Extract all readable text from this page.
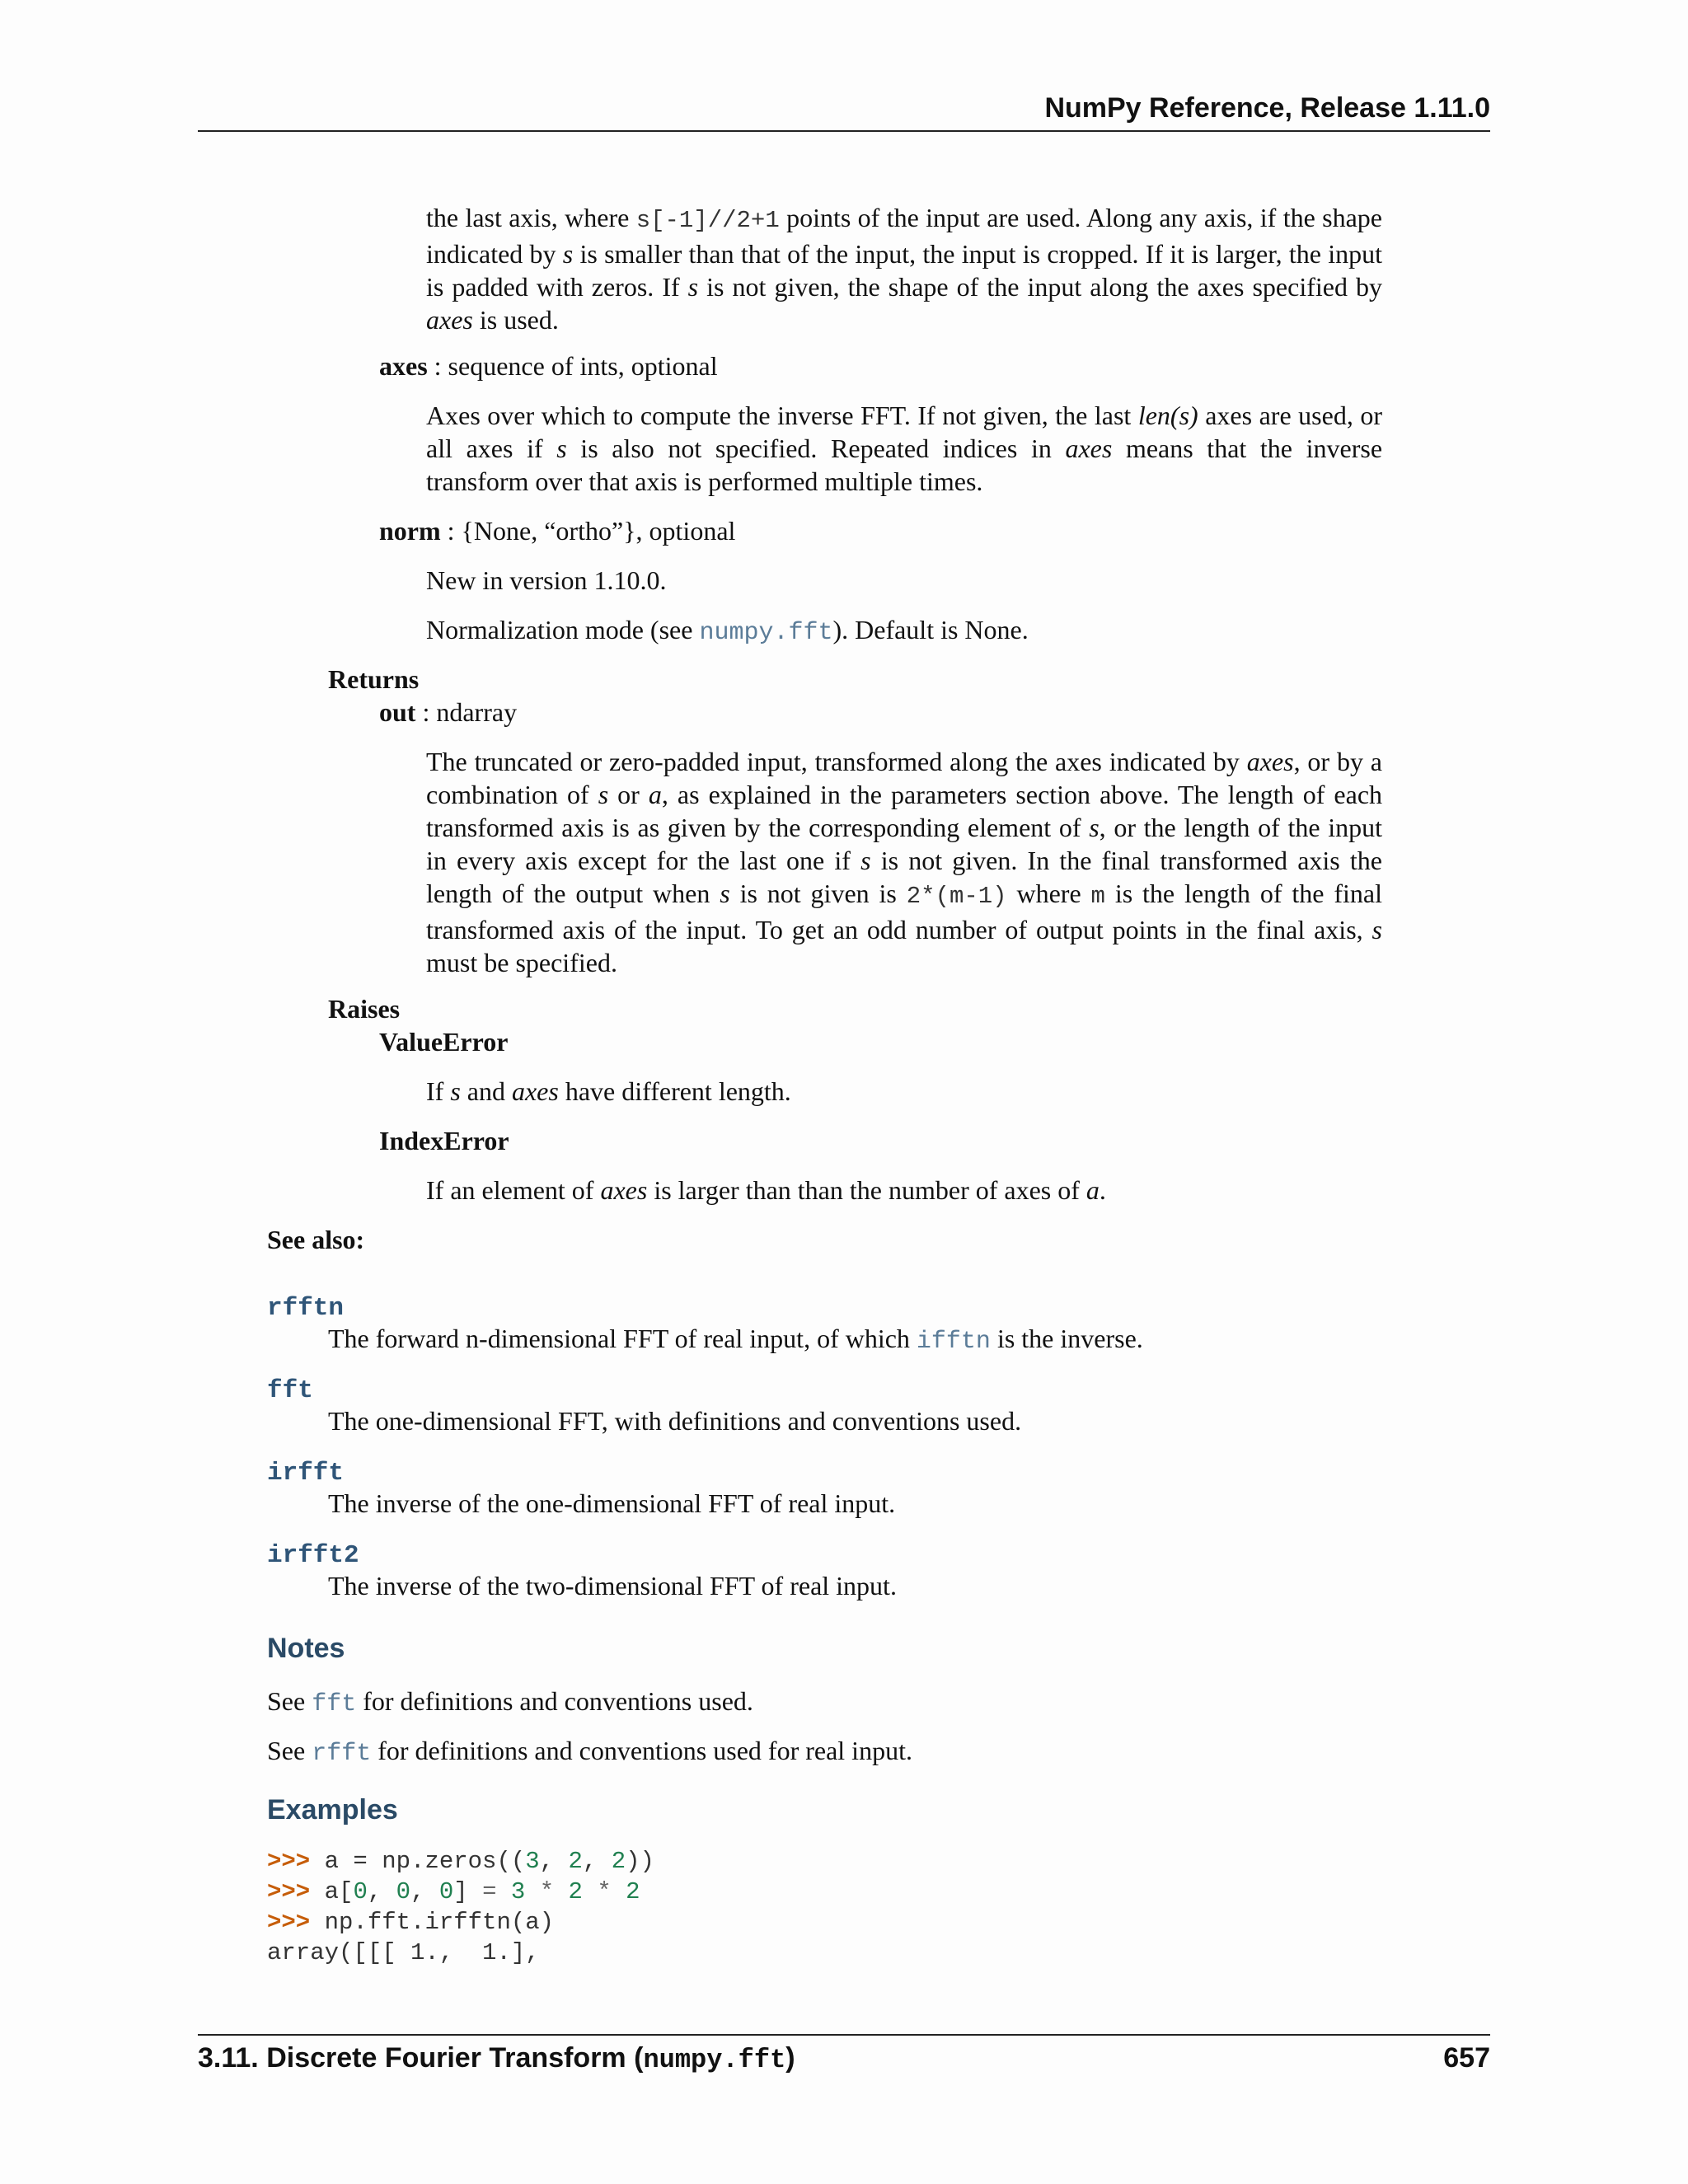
NumPy Reference, Release 1.11.0
the last axis, where s[-1]//2+1 points of the input are used. Along any axis, if the shape indicated by s is smaller than that of the input, the input is cropped. If it is larger, the input is padded with zeros. If s is not given, the shape of the input along the axes specified by axes is used.
axes : sequence of ints, optional
Axes over which to compute the inverse FFT. If not given, the last len(s) axes are used, or all axes if s is also not specified. Repeated indices in axes means that the inverse transform over that axis is performed multiple times.
norm : {None, “ortho”}, optional
New in version 1.10.0.
Normalization mode (see numpy.fft). Default is None.
Returns
out : ndarray
The truncated or zero-padded input, transformed along the axes indicated by axes, or by a combination of s or a, as explained in the parameters section above. The length of each transformed axis is as given by the corresponding element of s, or the length of the input in every axis except for the last one if s is not given. In the final transformed axis the length of the output when s is not given is 2*(m-1) where m is the length of the final transformed axis of the input. To get an odd number of output points in the final axis, s must be specified.
Raises
ValueError
If s and axes have different length.
IndexError
If an element of axes is larger than than the number of axes of a.
See also:
rfftn
The forward n-dimensional FFT of real input, of which ifftn is the inverse.
fft
The one-dimensional FFT, with definitions and conventions used.
irfft
The inverse of the one-dimensional FFT of real input.
irfft2
The inverse of the two-dimensional FFT of real input.
Notes
See fft for definitions and conventions used.
See rfft for definitions and conventions used for real input.
Examples
>>> a = np.zeros((3, 2, 2))
>>> a[0, 0, 0] = 3 * 2 * 2
>>> np.fft.irfftn(a)
array([[[ 1.,  1.],
3.11. Discrete Fourier Transform (numpy.fft)	657
